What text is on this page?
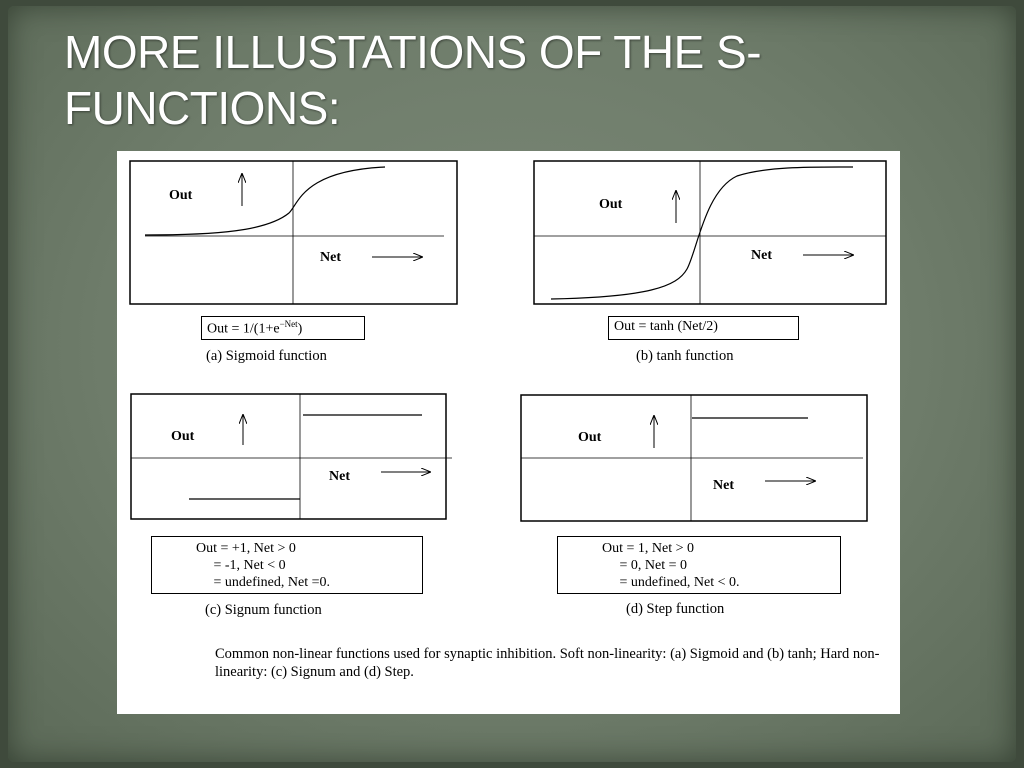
MORE ILLUSTATIONS OF THE S-
FUNCTIONS:
Out
Net
Out
Net
Out
Net
Out
Net
Out = $1/(1+e^{-Net})$	Out = tanh (Net/2)
Out = +1, Net > 0
= -1, Net < 0
= undefined, Net =0.
Out = 1, Net > 0
= 0, Net = 0
= undefined, Net < 0.
(a) Sigmoid function	(b) tanh function
(c) Signum function	(d) Step function
Common non-linear functions used for synaptic inhibition. Soft non-linearity: (a) Sigmoid and (b) tanh; Hard non-linearity: (c) Signum and (d) Step.
